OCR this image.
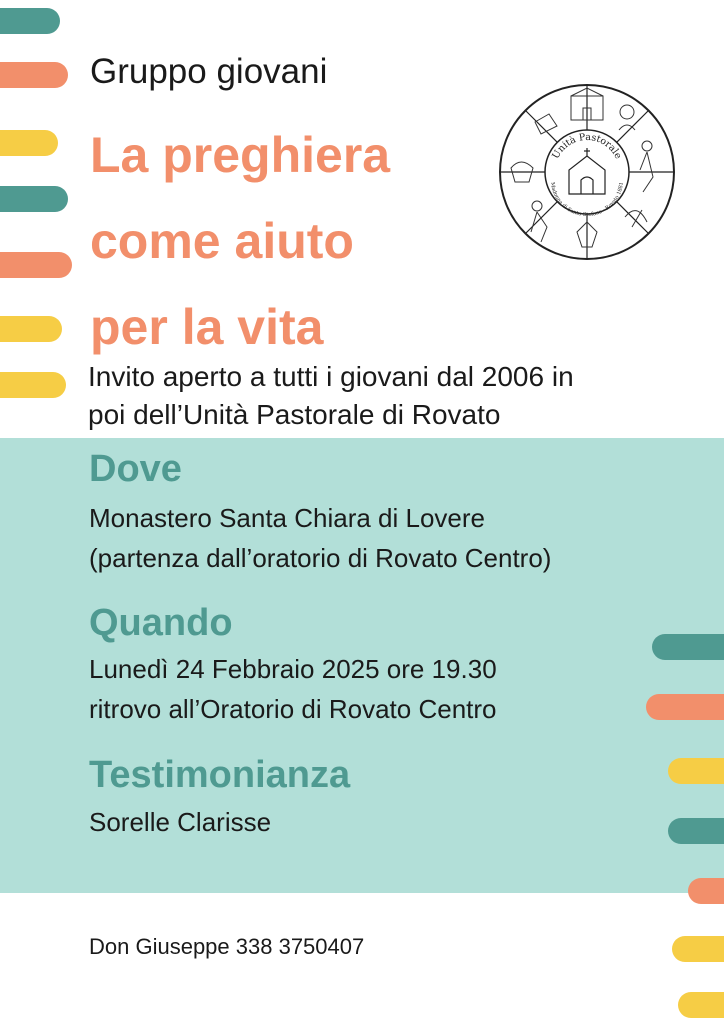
Gruppo giovani

La preghiera
come aiuto
per la vita
Unità Pastorale
Madonna di Santo Stefano · Rovato 1881
Invito aperto a tutti i giovani dal 2006 in
poi dell’Unità Pastorale di Rovato
Dove
Monastero Santa Chiara di Lovere
(partenza dall’oratorio di Rovato Centro)
Quando
Lunedì 24 Febbraio 2025 ore 19.30
ritrovo all’Oratorio di Rovato Centro
Testimonianza
Sorelle Clarisse

Don Giuseppe 338 3750407
